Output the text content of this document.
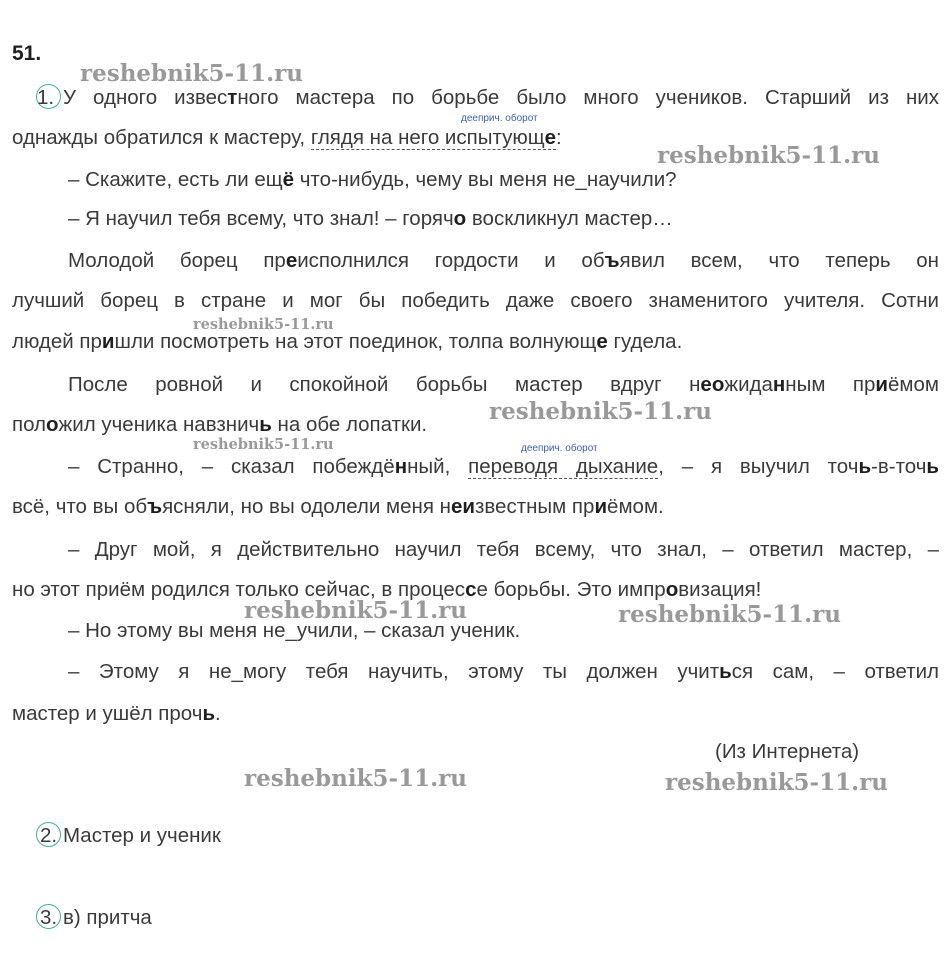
51.
1. У одного известного мастера по борьбе было много учеников. Старший из них
дееприч. оборот
однажды обратился к мастеру, глядя на него испытующе:
– Скажите, есть ли ещё что-нибудь, чему вы меня не_научили?
– Я научил тебя всему, что знал! – горячо воскликнул мастер…
Молодой борец преисполнился гордости и объявил всем, что теперь он
лучший борец в стране и мог бы победить даже своего знаменитого учителя. Сотни
людей пришли посмотреть на этот поединок, толпа волнующе гудела.
После ровной и спокойной борьбы мастер вдруг неожиданным приёмом
положил ученика навзничь на обе лопатки.
дееприч. оборот
– Странно, – сказал побеждённый, переводя дыхание, – я выучил точь-в-точь
всё, что вы объясняли, но вы одолели меня неизвестным приёмом.
– Друг мой, я действительно научил тебя всему, что знал, – ответил мастер, –
но этот приём родился только сейчас, в процессе борьбы. Это импровизация!
– Но этому вы меня не_учили, – сказал ученик.
– Этому я не_могу тебя научить, этому ты должен учиться сам, – ответил
мастер и ушёл прочь.
(Из Интернета)
2. Мастер и ученик
3. в) притча
reshebnik5-11.ru
reshebnik5-11.ru
reshebnik5-11.ru
reshebnik5-11.ru
reshebnik5-11.ru
reshebnik5-11.ru	reshebnik5-11.ru
reshebnik5-11.ru	reshebnik5-11.ru
